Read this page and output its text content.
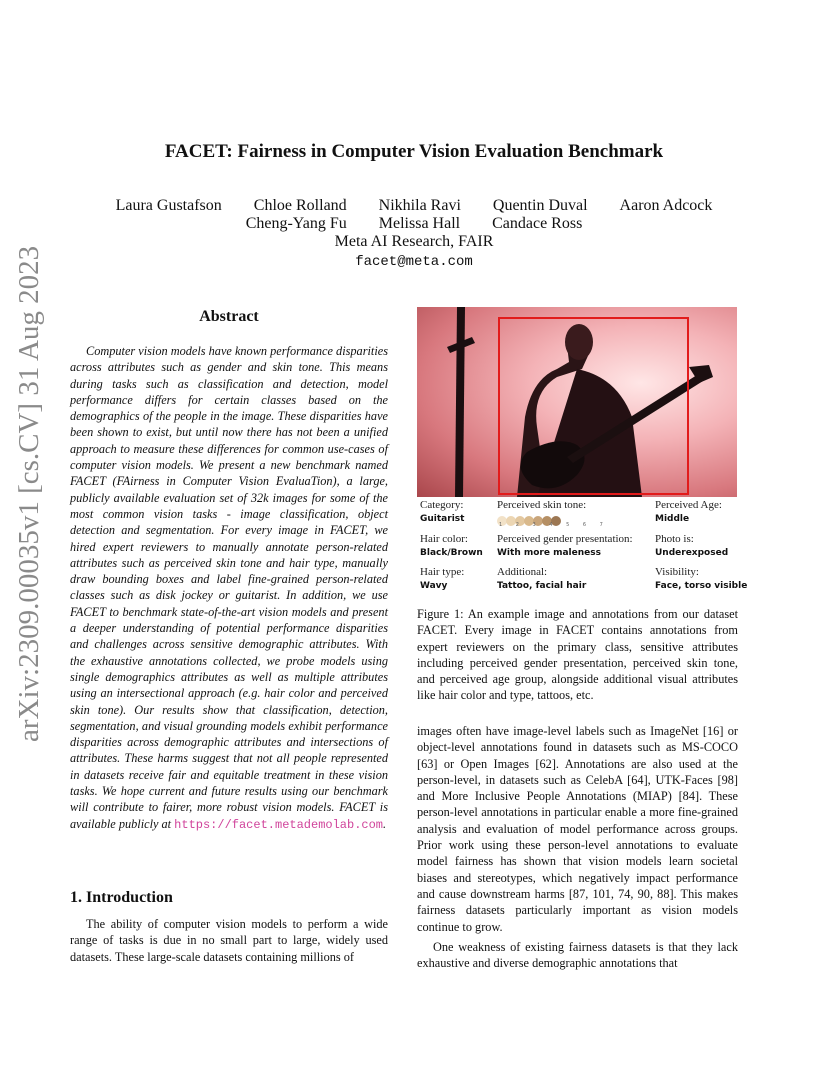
FACET: Fairness in Computer Vision Evaluation Benchmark
Laura Gustafson Chloe Rolland Nikhila Ravi Quentin Duval Aaron Adcock
Cheng-Yang Fu Melissa Hall Candace Ross
Meta AI Research, FAIR
facet@meta.com
arXiv:2309.00035v1 [cs.CV] 31 Aug 2023	Abstract
Computer vision models have known performance disparities across attributes such as gender and skin tone. This means during tasks such as classification and detection, model performance differs for certain classes based on the demographics of the people in the image. These disparities have been shown to exist, but until now there has not been a unified approach to measure these differences for common use-cases of computer vision models. We present a new benchmark named FACET (FAirness in Computer Vision EvaluaTion), a large, publicly available evaluation set of 32k images for some of the most common vision tasks - image classification, object detection and segmentation. For every image in FACET, we hired expert reviewers to manually annotate person-related attributes such as perceived skin tone and hair type, manually draw bounding boxes and label fine-grained person-related classes such as disk jockey or guitarist. In addition, we use FACET to benchmark state-of-the-art vision models and present a deeper understanding of potential performance disparities and challenges across sensitive demographic attributes. With the exhaustive annotations collected, we probe models using single demographics attributes as well as multiple attributes using an intersectional approach (e.g. hair color and perceived skin tone). Our results show that classification, detection, segmentation, and visual grounding models exhibit performance disparities across demographic attributes and intersections of attributes. These harms suggest that not all people represented in datasets receive fair and equitable treatment in these vision tasks. We hope current and future results using our benchmark will contribute to fairer, more robust vision models. FACET is available publicly at https://facet.metademolab.com.
1. Introduction
The ability of computer vision models to perform a wide range of tasks is due in no small part to large, widely used datasets. These large-scale datasets containing millions of
Category:
Guitarist
Perceived skin tone:
1 2 3 4 5 6 7
Perceived Age:
Middle
Hair color:
Black/Brown
Perceived gender presentation:
With more maleness
Photo is:
Underexposed
Hair type:
Wavy
Additional:
Tattoo, facial hair
Visibility:
Face, torso visible
Figure 1: An example image and annotations from our dataset FACET. Every image in FACET contains annotations from expert reviewers on the primary class, sensitive attributes including perceived gender presentation, perceived skin tone, and perceived age group, alongside additional visual attributes like hair color and type, tattoos, etc.

images often have image-level labels such as ImageNet [16] or object-level annotations found in datasets such as MS-COCO [63] or Open Images [62]. Annotations are also used at the person-level, in datasets such as CelebA [64], UTK-Faces [98] and More Inclusive People Annotations (MIAP) [84]. These person-level annotations in particular enable a more fine-grained analysis and evaluation of model performance across groups. Prior work using these person-level annotations to evaluate model fairness has shown that vision models learn societal biases and stereotypes, which negatively impact performance and cause downstream harms [87, 101, 74, 90, 88]. This makes fairness datasets particularly important as vision models continue to grow.

One weakness of existing fairness datasets is that they lack exhaustive and diverse demographic annotations that
